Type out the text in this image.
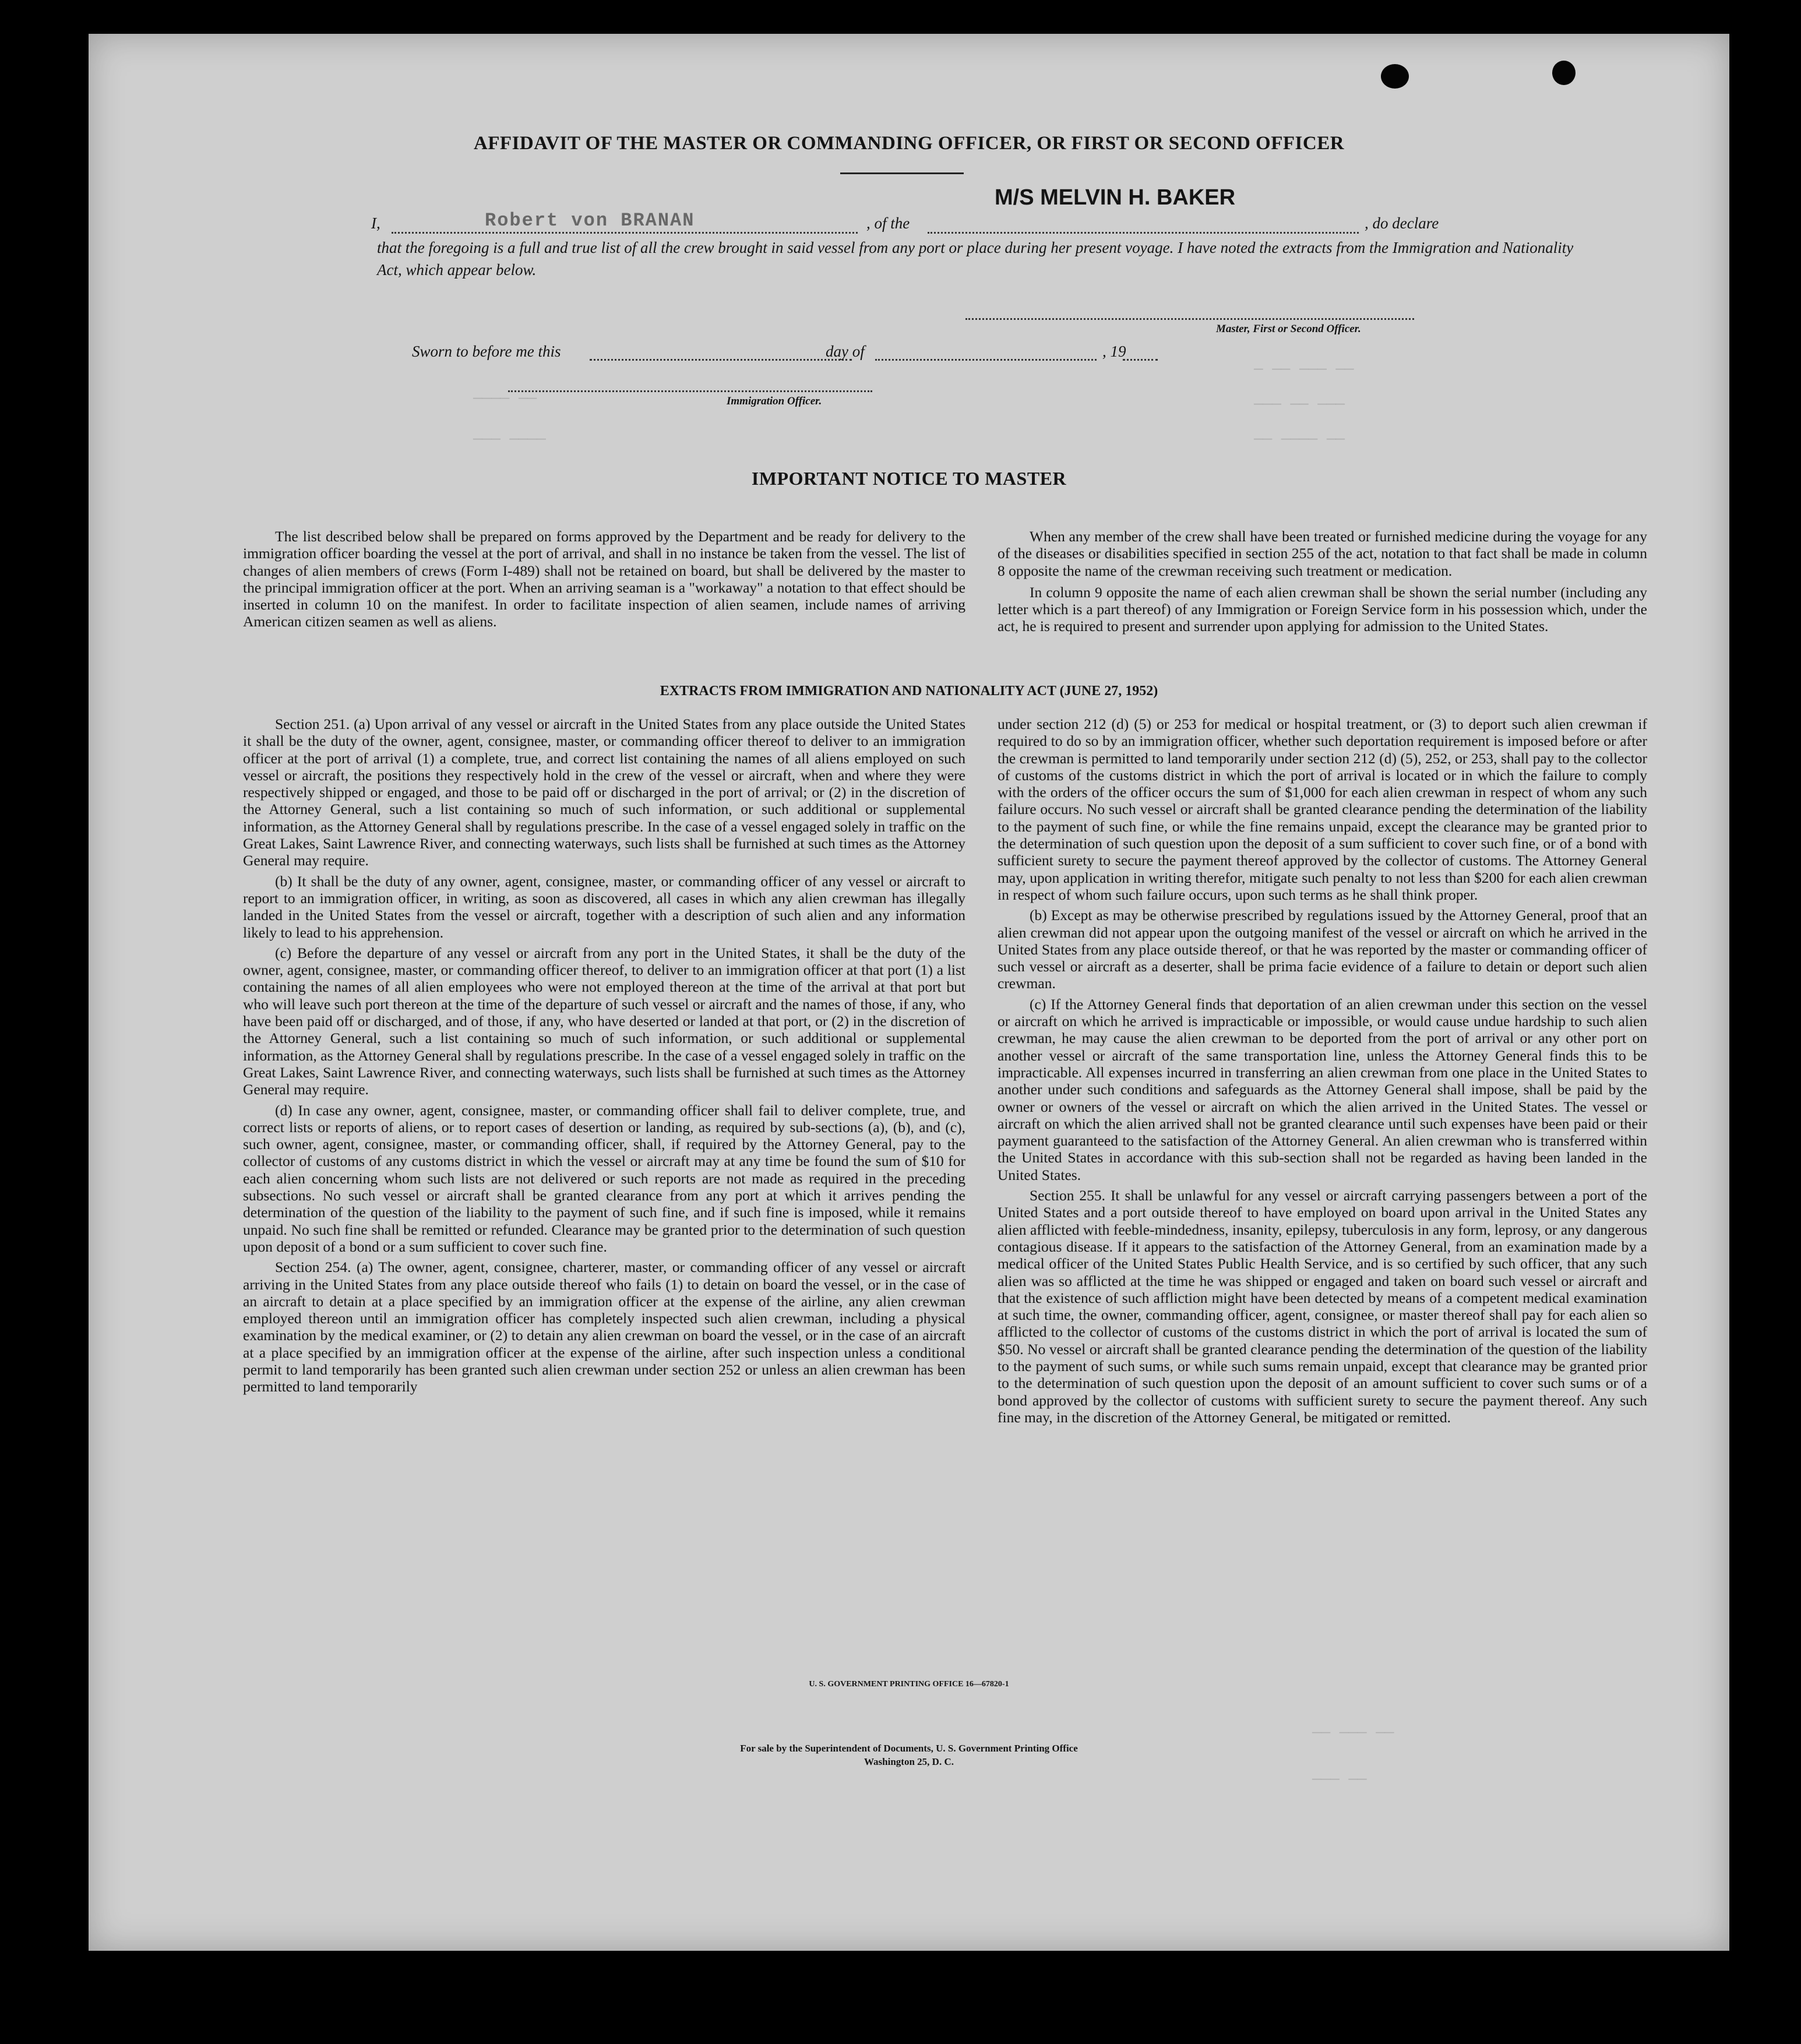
— —— ——— ——
——— —— ———
—— ———— ——
———— ——
——— ————
—— ——— ——
——— ——
AFFIDAVIT OF THE MASTER OR COMMANDING OFFICER, OR FIRST OR SECOND OFFICER
I,	Robert von BRANAN	, of the
M/S MELVIN H. BAKER
, do declare
that the foregoing is a full and true list of all the crew brought in said vessel from any port or place during her present voyage. I have noted the extracts from the Immigration and Nationality Act, which appear below.
Master, First or Second Officer.
Sworn to before me this	day of	, 19
Immigration Officer.
IMPORTANT NOTICE TO MASTER

The list described below shall be prepared on forms approved by the Department and be ready for delivery to the immigration officer boarding the vessel at the port of arrival, and shall in no instance be taken from the vessel. The list of changes of alien members of crews (Form I-489) shall not be retained on board, but shall be delivered by the master to the principal immigration officer at the port. When an arriving seaman is a "workaway" a notation to that effect should be inserted in column 10 on the manifest. In order to facilitate inspection of alien seamen, include names of arriving American citizen seamen as well as aliens.

When any member of the crew shall have been treated or furnished medicine during the voyage for any of the diseases or disabilities specified in section 255 of the act, notation to that fact shall be made in column 8 opposite the name of the crewman receiving such treatment or medication.

In column 9 opposite the name of each alien crewman shall be shown the serial number (including any letter which is a part thereof) of any Immigration or Foreign Service form in his possession which, under the act, he is required to present and surrender upon applying for admission to the United States.

EXTRACTS FROM IMMIGRATION AND NATIONALITY ACT (JUNE 27, 1952)

Section 251. (a) Upon arrival of any vessel or aircraft in the United States from any place outside the United States it shall be the duty of the owner, agent, consignee, master, or commanding officer thereof to deliver to an immigration officer at the port of arrival (1) a complete, true, and correct list containing the names of all aliens employed on such vessel or aircraft, the positions they respectively hold in the crew of the vessel or aircraft, when and where they were respectively shipped or engaged, and those to be paid off or discharged in the port of arrival; or (2) in the discretion of the Attorney General, such a list containing so much of such information, or such additional or supplemental information, as the Attorney General shall by regulations prescribe. In the case of a vessel engaged solely in traffic on the Great Lakes, Saint Lawrence River, and connecting waterways, such lists shall be furnished at such times as the Attorney General may require.

(b) It shall be the duty of any owner, agent, consignee, master, or commanding officer of any vessel or aircraft to report to an immigration officer, in writing, as soon as discovered, all cases in which any alien crewman has illegally landed in the United States from the vessel or aircraft, together with a description of such alien and any information likely to lead to his apprehension.

(c) Before the departure of any vessel or aircraft from any port in the United States, it shall be the duty of the owner, agent, consignee, master, or commanding officer thereof, to deliver to an immigration officer at that port (1) a list containing the names of all alien employees who were not employed thereon at the time of the arrival at that port but who will leave such port thereon at the time of the departure of such vessel or aircraft and the names of those, if any, who have been paid off or discharged, and of those, if any, who have deserted or landed at that port, or (2) in the discretion of the Attorney General, such a list containing so much of such information, or such additional or supplemental information, as the Attorney General shall by regulations prescribe. In the case of a vessel engaged solely in traffic on the Great Lakes, Saint Lawrence River, and connecting waterways, such lists shall be furnished at such times as the Attorney General may require.

(d) In case any owner, agent, consignee, master, or commanding officer shall fail to deliver complete, true, and correct lists or reports of aliens, or to report cases of desertion or landing, as required by sub-sections (a), (b), and (c), such owner, agent, consignee, master, or commanding officer, shall, if required by the Attorney General, pay to the collector of customs of any customs district in which the vessel or aircraft may at any time be found the sum of $10 for each alien concerning whom such lists are not delivered or such reports are not made as required in the preceding subsections. No such vessel or aircraft shall be granted clearance from any port at which it arrives pending the determination of the question of the liability to the payment of such fine, and if such fine is imposed, while it remains unpaid. No such fine shall be remitted or refunded. Clearance may be granted prior to the determination of such question upon deposit of a bond or a sum sufficient to cover such fine.

Section 254. (a) The owner, agent, consignee, charterer, master, or commanding officer of any vessel or aircraft arriving in the United States from any place outside thereof who fails (1) to detain on board the vessel, or in the case of an aircraft to detain at a place specified by an immigration officer at the expense of the airline, any alien crewman employed thereon until an immigration officer has completely inspected such alien crewman, including a physical examination by the medical examiner, or (2) to detain any alien crewman on board the vessel, or in the case of an aircraft at a place specified by an immigration officer at the expense of the airline, after such inspection unless a conditional permit to land temporarily has been granted such alien crewman under section 252 or unless an alien crewman has been permitted to land temporarily

under section 212 (d) (5) or 253 for medical or hospital treatment, or (3) to deport such alien crewman if required to do so by an immigration officer, whether such deportation requirement is imposed before or after the crewman is permitted to land temporarily under section 212 (d) (5), 252, or 253, shall pay to the collector of customs of the customs district in which the port of arrival is located or in which the failure to comply with the orders of the officer occurs the sum of $1,000 for each alien crewman in respect of whom any such failure occurs. No such vessel or aircraft shall be granted clearance pending the determination of the liability to the payment of such fine, or while the fine remains unpaid, except the clearance may be granted prior to the determination of such question upon the deposit of a sum sufficient to cover such fine, or of a bond with sufficient surety to secure the payment thereof approved by the collector of customs. The Attorney General may, upon application in writing therefor, mitigate such penalty to not less than $200 for each alien crewman in respect of whom such failure occurs, upon such terms as he shall think proper.

(b) Except as may be otherwise prescribed by regulations issued by the Attorney General, proof that an alien crewman did not appear upon the outgoing manifest of the vessel or aircraft on which he arrived in the United States from any place outside thereof, or that he was reported by the master or commanding officer of such vessel or aircraft as a deserter, shall be prima facie evidence of a failure to detain or deport such alien crewman.

(c) If the Attorney General finds that deportation of an alien crewman under this section on the vessel or aircraft on which he arrived is impracticable or impossible, or would cause undue hardship to such alien crewman, he may cause the alien crewman to be deported from the port of arrival or any other port on another vessel or aircraft of the same transportation line, unless the Attorney General finds this to be impracticable. All expenses incurred in transferring an alien crewman from one place in the United States to another under such conditions and safeguards as the Attorney General shall impose, shall be paid by the owner or owners of the vessel or aircraft on which the alien arrived in the United States. The vessel or aircraft on which the alien arrived shall not be granted clearance until such expenses have been paid or their payment guaranteed to the satisfaction of the Attorney General. An alien crewman who is transferred within the United States in accordance with this sub-section shall not be regarded as having been landed in the United States.

Section 255. It shall be unlawful for any vessel or aircraft carrying passengers between a port of the United States and a port outside thereof to have employed on board upon arrival in the United States any alien afflicted with feeble-mindedness, insanity, epilepsy, tuberculosis in any form, leprosy, or any dangerous contagious disease. If it appears to the satisfaction of the Attorney General, from an examination made by a medical officer of the United States Public Health Service, and is so certified by such officer, that any such alien was so afflicted at the time he was shipped or engaged and taken on board such vessel or aircraft and that the existence of such affliction might have been detected by means of a competent medical examination at such time, the owner, commanding officer, agent, consignee, or master thereof shall pay for each alien so afflicted to the collector of customs of the customs district in which the port of arrival is located the sum of $50. No vessel or aircraft shall be granted clearance pending the determination of the question of the liability to the payment of such sums, or while such sums remain unpaid, except that clearance may be granted prior to the determination of such question upon the deposit of an amount sufficient to cover such sums or of a bond approved by the collector of customs with sufficient surety to secure the payment thereof. Any such fine may, in the discretion of the Attorney General, be mitigated or remitted.

U. S. GOVERNMENT PRINTING OFFICE 16—67820-1
For sale by the Superintendent of Documents, U. S. Government Printing Office
Washington 25, D. C.
